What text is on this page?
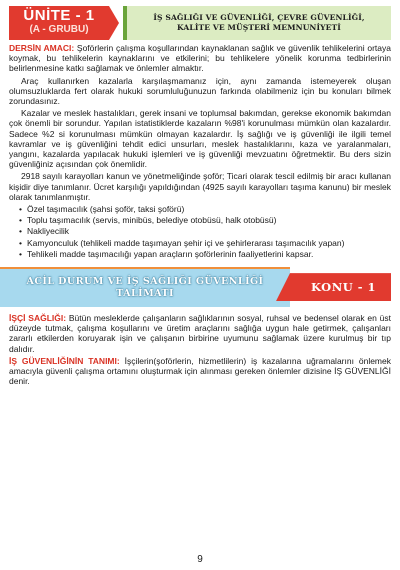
ÜNİTE - 1
(A - GRUBU)
İŞ SAĞLIĞI VE GÜVENLİĞİ, ÇEVRE GÜVENLİĞİ,
KALİTE VE MÜŞTERİ MEMNUNİYETİ

DERSİN AMACI: Şoförlerin çalışma koşullarından kaynaklanan sağlık ve güvenlik tehlikelerini ortaya koymak, bu tehlikelerin kaynaklarını ve etkilerini; bu tehlikelere yönelik korunma tedbirlerinin belirlenmesine katkı sağlamak ve önlemler almaktır.

Araç kullanırken kazalarla karşılaşmamanız için, aynı zamanda istemeyerek oluşan olumsuzluklarda fert olarak hukuki sorumluluğunuzun farkında olabilmeniz için bu konuları bilmek zorundasınız.

Kazalar ve meslek hastalıkları, gerek insani ve toplumsal bakımdan, gerekse ekonomik bakımdan çok önemli bir sorundur. Yapılan istatistiklerde kazaların %98'i korunulması mümkün olan kazalardır. Sadece %2 si korunulması mümkün olmayan kazalardır. İş sağlığı ve iş güvenliği ile ilgili temel kavramlar ve iş güvenliğini tehdit edici unsurları, meslek hastalıklarını, kaza ve yaralanmaları, yangını, kazalarda yapılacak hukuki işlemleri ve iş güvenliği mevzuatını öğretmektir. Bu ders sizin güvenliğiniz açısından çok önemlidir.

2918 sayılı karayolları kanun ve yönetmeliğinde şoför; Ticari olarak tescil edilmiş bir aracı kullanan kişidir diye tanımlanır. Ücret karşılığı yapıldığından (4925 sayılı karayolları taşıma kanunu) bir meslek olarak tanımlanmıştır.

• Özel taşımacılık (şahsi şoför, taksi şoförü)
• Toplu taşımacılık (servis, minibüs, belediye otobüsü, halk otobüsü)
• Nakliyecilik
• Kamyonculuk (tehlikeli madde taşımayan şehir içi ve şehirlerarası taşımacılık yapan)
• Tehlikeli madde taşımacılığı yapan araçların şoförlerinin faaliyetlerini kapsar.
ACİL DURUM VE İŞ SAĞLIĞI GÜVENLİĞİ
TALİMATI	KONU - 1

İŞÇİ SAĞLIĞI: Bütün mesleklerde çalışanların sağlıklarının sosyal, ruhsal ve bedensel olarak en üst düzeyde tutmak, çalışma koşullarını ve üretim araçlarını sağlığa uygun hale getirmek, çalışanları zararlı etkilerden koruyarak işin ve çalışanın birbirine uyumunu sağlamak üzere kurulmuş bir tıp dalıdır.

İŞ GÜVENLİĞİNİN TANIMI: İşçilerin(şoförlerin, hizmetlilerin) iş kazalarına uğramalarını önlemek amacıyla güvenli çalışma ortamını oluşturmak için alınması gereken önlemler dizisine İŞ GÜVENLİĞİ denir.

9
